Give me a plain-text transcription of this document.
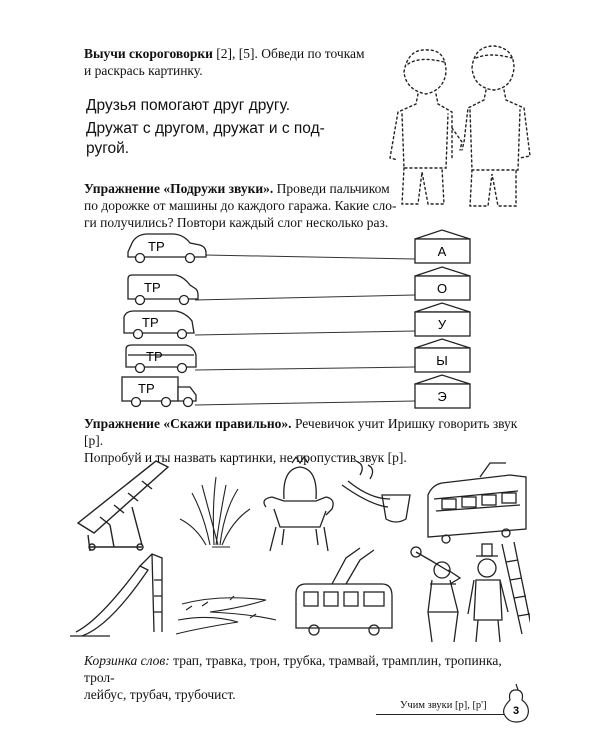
Выучи скороговорки [2], [5]. Обведи по точкам и раскрась картинку.
Друзья помогают друг другу.
Дружат с другом, дружат и с под-
ругой.
Упражнение «Подружи звуки». Проведи пальчиком
по дорожке от машины до каждого гаража. Какие сло-
ги получились? Повтори каждый слог несколько раз.
ТР
ТР
ТР
ТР
ТР
А
О
У
Ы
Э
Упражнение «Скажи правильно». Речевичок учит Иришку говорить звук [р].
Попробуй и ты назвать картинки, не пропустив звук [р].
Корзинка слов: трап, травка, трон, трубка, трамвай, трамплин, тропинка, трол-
лейбус, трубач, трубочист.
Учим звуки [р], [р'] 3
